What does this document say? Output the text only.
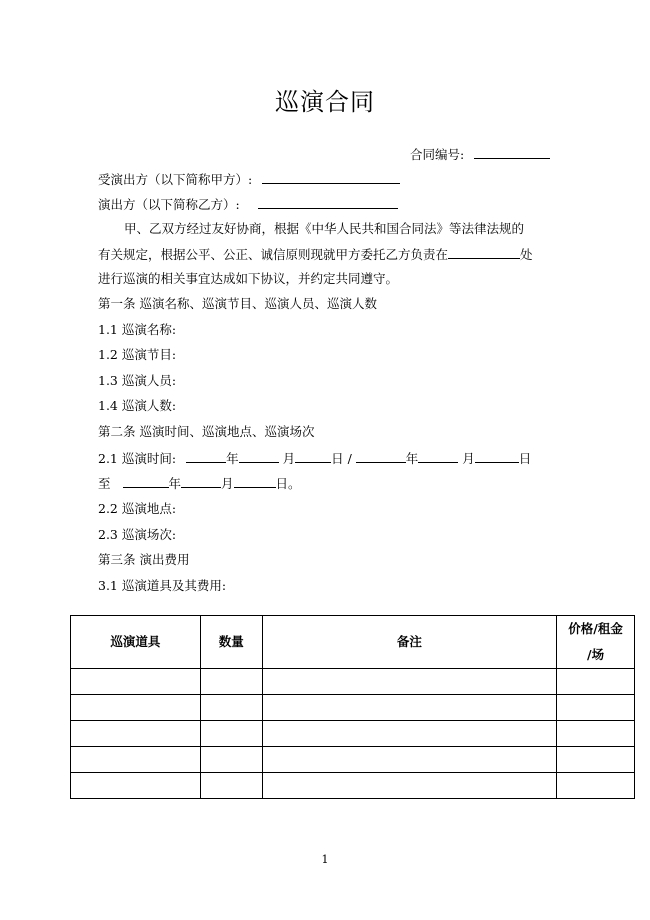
巡演合同
合同编号:
受演出方（以下简称甲方）:
演出方（以下简称乙方）:
甲、乙双方经过友好协商，根据《中华人民共和国合同法》等法律法规的
有关规定，根据公平、公正、诚信原则现就甲方委托乙方负责在	处
进行巡演的相关事宜达成如下协议，并约定共同遵守。
第一条 巡演名称、巡演节目、巡演人员、巡演人数
1.1 巡演名称:
1.2 巡演节目:
1.3 巡演人员:
1.4 巡演人数:
第二条 巡演时间、巡演地点、巡演场次
2.1 巡演时间:	年	月	日 /	年	月	日
至	年	月	日。
2.2 巡演地点:
2.3 巡演场次:
第三条 演出费用
3.1 巡演道具及其费用:
巡演道具	数量	备注	价格/租金
/场

1
